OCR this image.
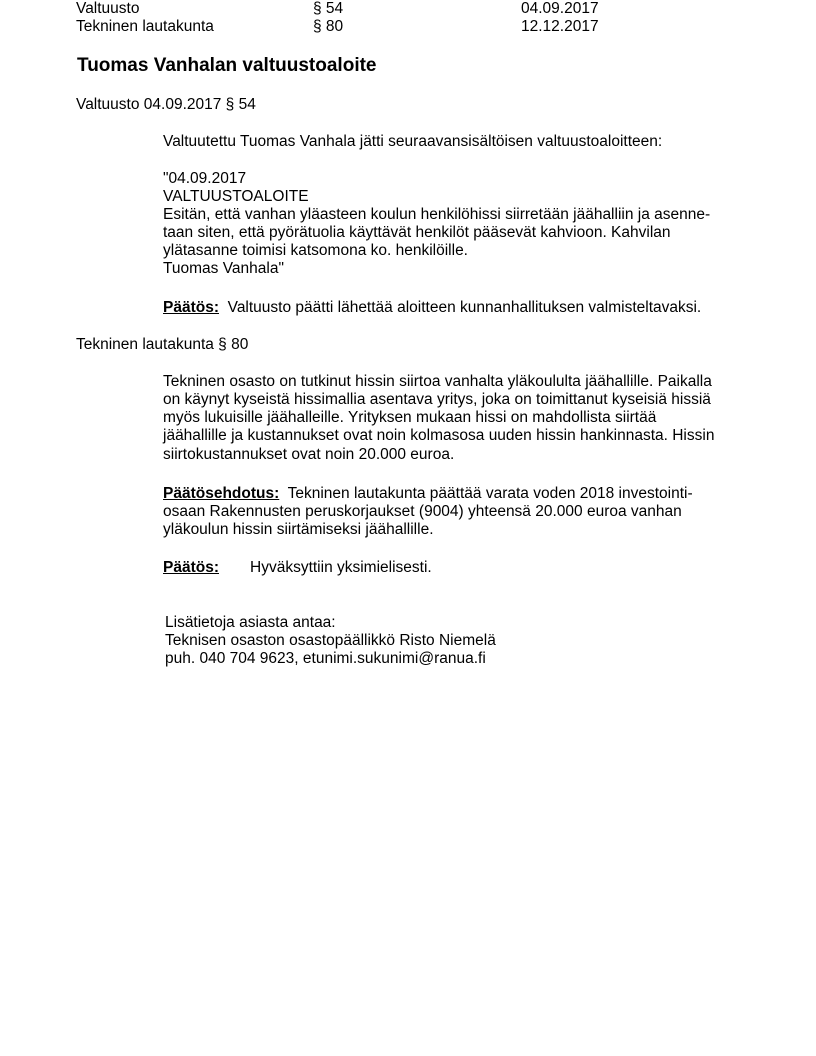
Valtuusto	§ 54	04.09.2017
Tekninen lautakunta	§ 80	12.12.2017
Tuomas Vanhalan valtuustoaloite
Valtuusto 04.09.2017 § 54
Valtuutettu Tuomas Vanhala jätti seuraavansisältöisen valtuustoaloitteen:
"04.09.2017
VALTUUSTOALOITE
Esitän, että vanhan yläasteen koulun henkilöhissi siirretään jäähalliin ja asenne-
taan siten, että pyörätuolia käyttävät henkilöt pääsevät kahvioon. Kahvilan
ylätasanne toimisi katsomona ko. henkilöille.
Tuomas Vanhala"
Päätös: Valtuusto päätti lähettää aloitteen kunnanhallituksen valmisteltavaksi.
Tekninen lautakunta § 80
Tekninen osasto on tutkinut hissin siirtoa vanhalta yläkoululta jäähallille. Paikalla
on käynyt kyseistä hissimallia asentava yritys, joka on toimittanut kyseisiä hissiä
myös lukuisille jäähalleille. Yrityksen mukaan hissi on mahdollista siirtää
jäähallille ja kustannukset ovat noin kolmasosa uuden hissin hankinnasta. Hissin
siirtokustannukset ovat noin 20.000 euroa.
Päätösehdotus: Tekninen lautakunta päättää varata voden 2018 investointi-
osaan Rakennusten peruskorjaukset (9004) yhteensä 20.000 euroa vanhan
yläkoulun hissin siirtämiseksi jäähallille.
Päätös: Hyväksyttiin yksimielisesti.
Lisätietoja asiasta antaa:
Teknisen osaston osastopäällikkö Risto Niemelä
puh. 040 704 9623, etunimi.sukunimi@ranua.fi
